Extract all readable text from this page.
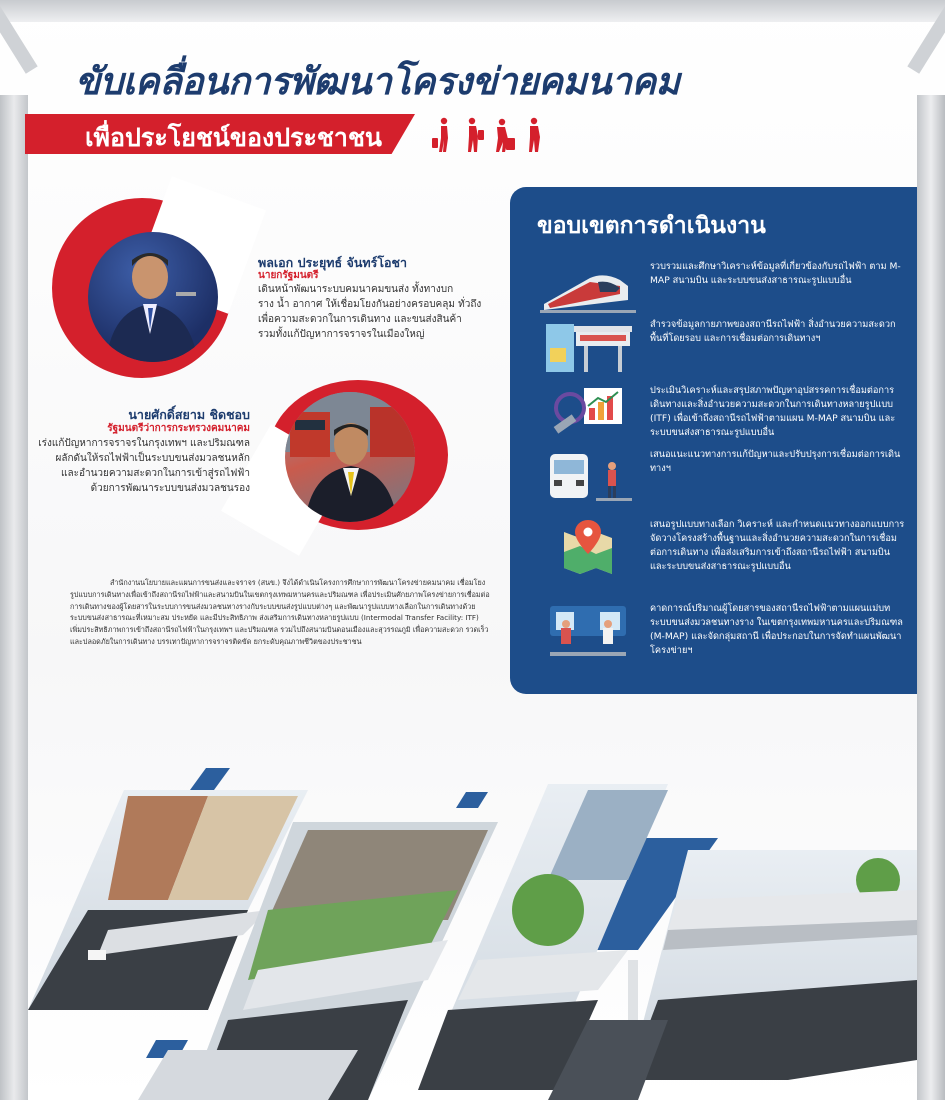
ขับเคลื่อนการพัฒนาโครงข่ายคมนาคม
เพื่อประโยชน์ของประชาชน
พลเอก ประยุทธ์ จันทร์โอชา
นายกรัฐมนตรี
เดินหน้าพัฒนาระบบคมนาคมขนส่ง ทั้งทางบก
ราง น้ำ อากาศ ให้เชื่อมโยงกันอย่างครอบคลุม ทั่วถึง
เพื่อความสะดวกในการเดินทาง และขนส่งสินค้า
รวมทั้งแก้ปัญหาการจราจรในเมืองใหญ่
นายศักดิ์สยาม ชิดชอบ
รัฐมนตรีว่าการกระทรวงคมนาคม
เร่งแก้ปัญหาการจราจรในกรุงเทพฯ และปริมณฑล
ผลักดันให้รถไฟฟ้าเป็นระบบขนส่งมวลชนหลัก
และอำนวยความสะดวกในการเข้าสู่รถไฟฟ้า
ด้วยการพัฒนาระบบขนส่งมวลชนรอง
สำนักงานนโยบายและแผนการขนส่งและจราจร (สนข.) จึงได้ดำเนินโครงการศึกษาการพัฒนาโครงข่ายคมนาคม เชื่อมโยงรูปแบบการเดินทางเพื่อเข้าถึงสถานีรถไฟฟ้าและสนามบินในเขตกรุงเทพมหานครและปริมณฑล เพื่อประเมินศักยภาพโครงข่ายการเชื่อมต่อการเดินทางของผู้โดยสารในระบบการขนส่งมวลชนทางรางกับระบบขนส่งรูปแบบต่างๆ และพัฒนารูปแบบทางเลือกในการเดินทางด้วยระบบขนส่งสาธารณะที่เหมาะสม ประหยัด และมีประสิทธิภาพ ส่งเสริมการเดินทางหลายรูปแบบ (Intermodal Transfer Facility: ITF) เพิ่มประสิทธิภาพการเข้าถึงสถานีรถไฟฟ้าในกรุงเทพฯ และปริมณฑล รวมไปถึงสนามบินดอนเมืองและสุวรรณภูมิ เพื่อความสะดวก รวดเร็ว และปลอดภัยในการเดินทาง บรรเทาปัญหาการจราจรติดขัด ยกระดับคุณภาพชีวิตของประชาชน
ขอบเขตการดำเนินงาน
รวบรวมและศึกษาวิเคราะห์ข้อมูลที่เกี่ยวข้องกับรถไฟฟ้า ตาม M-MAP สนามบิน และระบบขนส่งสาธารณะรูปแบบอื่น
สำรวจข้อมูลกายภาพของสถานีรถไฟฟ้า สิ่งอำนวยความสะดวก พื้นที่โดยรอบ และการเชื่อมต่อการเดินทางฯ
ประเมินวิเคราะห์และสรุปสภาพปัญหาอุปสรรคการเชื่อมต่อการเดินทางและสิ่งอำนวยความสะดวกในการเดินทางหลายรูปแบบ (ITF) เพื่อเข้าถึงสถานีรถไฟฟ้าตามแผน M-MAP สนามบิน และระบบขนส่งสาธารณะรูปแบบอื่น
เสนอแนะแนวทางการแก้ปัญหาและปรับปรุงการเชื่อมต่อการเดินทางฯ
เสนอรูปแบบทางเลือก วิเคราะห์ และกำหนดแนวทางออกแบบการจัดวางโครงสร้างพื้นฐานและสิ่งอำนวยความสะดวกในการเชื่อมต่อการเดินทาง เพื่อส่งเสริมการเข้าถึงสถานีรถไฟฟ้า สนามบิน และระบบขนส่งสาธารณะรูปแบบอื่น
คาดการณ์ปริมาณผู้โดยสารของสถานีรถไฟฟ้าตามแผนแม่บทระบบขนส่งมวลชนทางราง ในเขตกรุงเทพมหานครและปริมณฑล (M-MAP) และจัดกลุ่มสถานี เพื่อประกอบในการจัดทำแผนพัฒนาโครงข่ายฯ
